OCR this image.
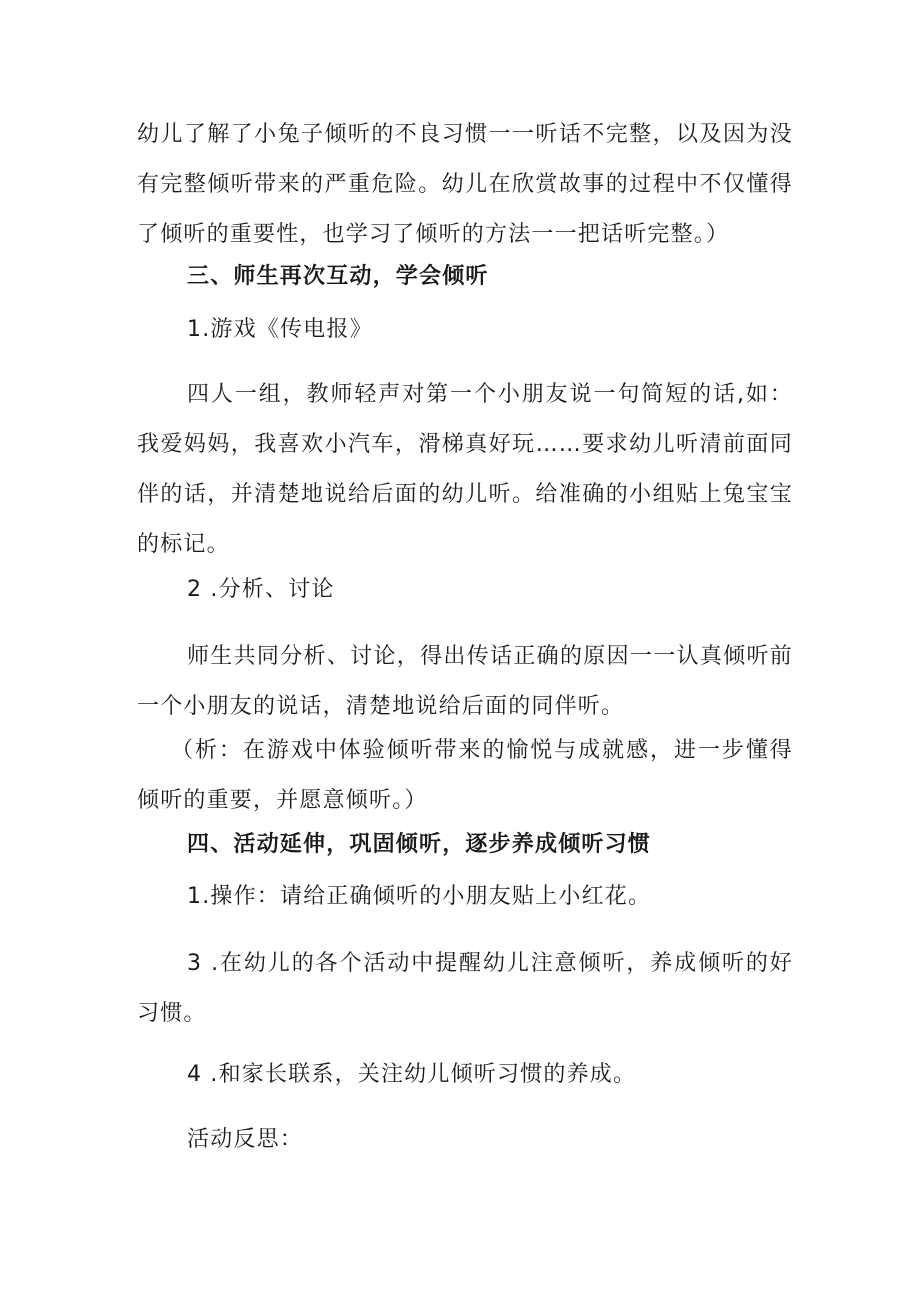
幼儿了解了小兔子倾听的不良习惯一一听话不完整，以及因为没有完整倾听带来的严重危险。幼儿在欣赏故事的过程中不仅懂得了倾听的重要性，也学习了倾听的方法一一把话听完整。）

三、师生再次互动，学会倾听

1.游戏《传电报》

四人一组，教师轻声对第一个小朋友说一句简短的话,如：我爱妈妈，我喜欢小汽车，滑梯真好玩……要求幼儿听清前面同伴的话，并清楚地说给后面的幼儿听。给准确的小组贴上兔宝宝的标记。

2 .分析、讨论

师生共同分析、讨论，得出传话正确的原因一一认真倾听前一个小朋友的说话，清楚地说给后面的同伴听。

（析：在游戏中体验倾听带来的愉悦与成就感，进一步懂得倾听的重要，并愿意倾听。）

四、活动延伸，巩固倾听，逐步养成倾听习惯

1.操作：请给正确倾听的小朋友贴上小红花。

3 .在幼儿的各个活动中提醒幼儿注意倾听，养成倾听的好习惯。

4 .和家长联系，关注幼儿倾听习惯的养成。

活动反思：
